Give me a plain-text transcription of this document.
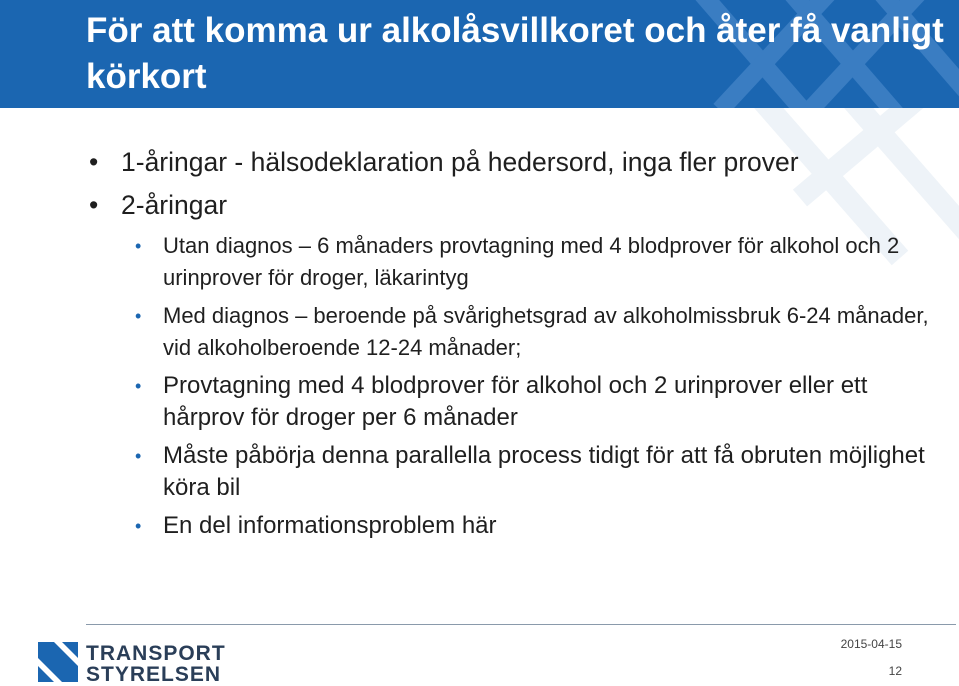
För att komma ur alkolåsvillkoret och åter få vanligt körkort
• 1-åringar - hälsodeklaration på hedersord, inga fler prover
• 2-åringar
• Utan diagnos – 6 månaders provtagning med 4 blodprover för alkohol och 2 urinprover för droger, läkarintyg
• Med diagnos – beroende på svårighetsgrad av alkoholmissbruk 6-24 månader, vid alkoholberoende 12-24 månader;
• Provtagning med 4 blodprover för alkohol och 2 urinprover eller ett hårprov för droger per 6 månader
• Måste påbörja denna parallella process tidigt för att få obruten möjlighet köra bil
• En del informationsproblem här
TRANSPORT
STYRELSEN
2015-04-15
12
